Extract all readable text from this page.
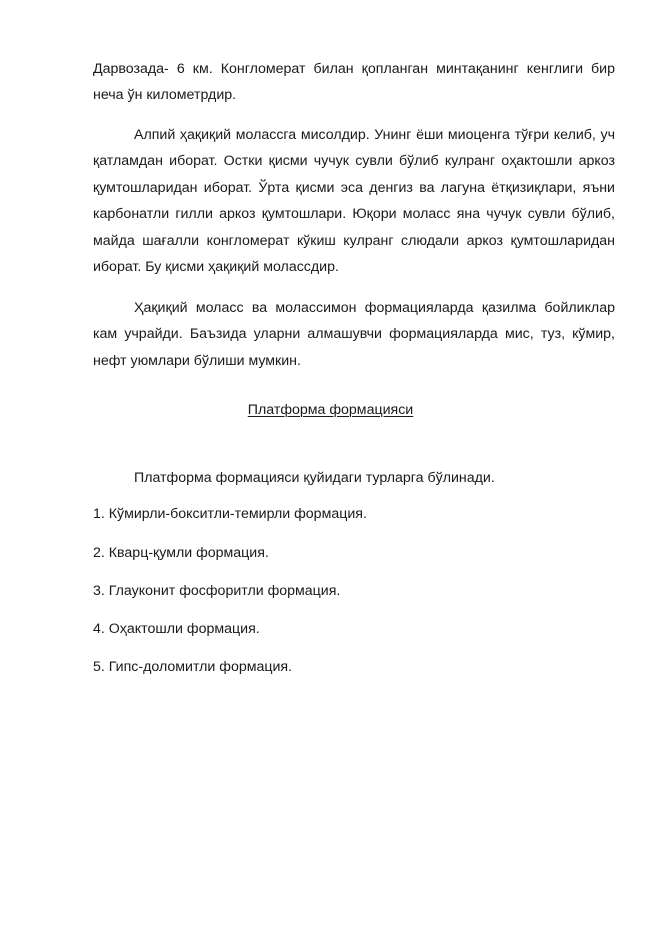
Дарвозада- 6 км. Конгломерат билан қопланган минтақанинг кенглиги бир неча ўн километрдир.

Алпий ҳақиқий молассга мисолдир. Унинг ёши миоценга тўғри келиб, уч қатламдан иборат. Остки қисми чучук сувли бўлиб кулранг оҳактошли аркоз қумтошларидан иборат. Ўрта қисми эса денгиз ва лагуна ётқизиқлари, яъни карбонатли гилли аркоз қумтошлари. Юқори моласс яна чучук сувли бўлиб, майда шағалли конгломерат кўкиш кулранг слюдали аркоз қумтошларидан иборат. Бу қисми ҳақиқий молассдир.

Ҳақиқий моласс ва молассимон формацияларда қазилма бойликлар кам учрайди. Баъзида уларни алмашувчи формацияларда мис, туз, кўмир, нефт уюмлари бўлиши мумкин.

Платформа формацияси

Платформа формацияси қуйидаги турларга бўлинади.

1. Кўмирли-бокситли-темирли формация.

2. Кварц-қумли формация.

3. Глауконит фосфоритли формация.

4. Оҳактошли формация.

5. Гипс-доломитли формация.
